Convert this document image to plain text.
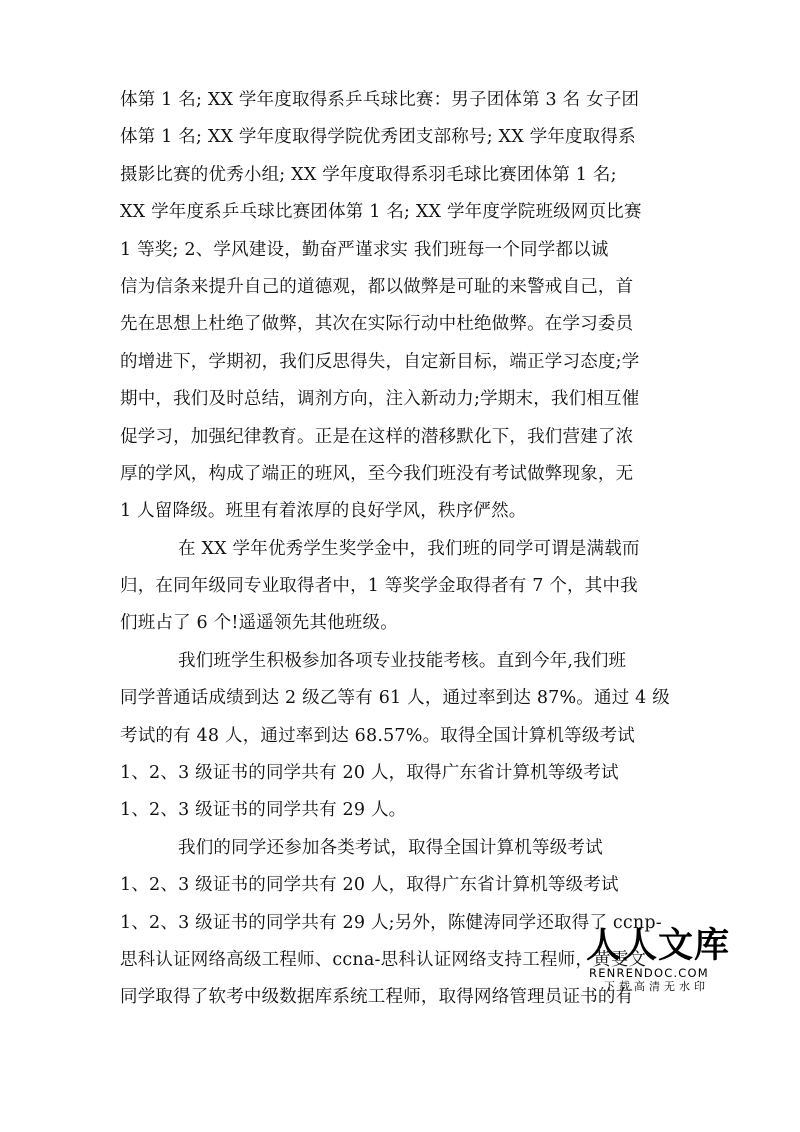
体第 1 名; XX 学年度取得系乒乓球比赛：男子团体第 3 名 女子团
体第 1 名; XX 学年度取得学院优秀团支部称号; XX 学年度取得系
摄影比赛的优秀小组; XX 学年度取得系羽毛球比赛团体第 1 名;
XX 学年度系乒乓球比赛团体第 1 名; XX 学年度学院班级网页比赛
1 等奖; 2、学风建设，勤奋严谨求实 我们班每一个同学都以诚
信为信条来提升自己的道德观，都以做弊是可耻的来警戒自己，首
先在思想上杜绝了做弊，其次在实际行动中杜绝做弊。在学习委员
的增进下，学期初，我们反思得失，自定新目标，端正学习态度;学
期中，我们及时总结，调剂方向，注入新动力;学期末，我们相互催
促学习，加强纪律教育。正是在这样的潜移默化下，我们营建了浓
厚的学风，构成了端正的班风，至今我们班没有考试做弊现象，无
1 人留降级。班里有着浓厚的良好学风，秩序俨然。
在 XX 学年优秀学生奖学金中，我们班的同学可谓是满载而
归，在同年级同专业取得者中，1 等奖学金取得者有 7 个，其中我
们班占了 6 个!遥遥领先其他班级。
我们班学生积极参加各项专业技能考核。直到今年,我们班
同学普通话成绩到达 2 级乙等有 61 人，通过率到达 87%。通过 4 级
考试的有 48 人，通过率到达 68.57%。取得全国计算机等级考试
1、2、3 级证书的同学共有 20 人，取得广东省计算机等级考试
1、2、3 级证书的同学共有 29 人。
我们的同学还参加各类考试，取得全国计算机等级考试
1、2、3 级证书的同学共有 20 人，取得广东省计算机等级考试
1、2、3 级证书的同学共有 29 人;另外，陈健涛同学还取得了 ccnp-
思科认证网络高级工程师、ccna-思科认证网络支持工程师，黄雯文
同学取得了软考中级数据库系统工程师，取得网络管理员证书的有
人人文库
RENRENDOC.COM
下载高清无水印
